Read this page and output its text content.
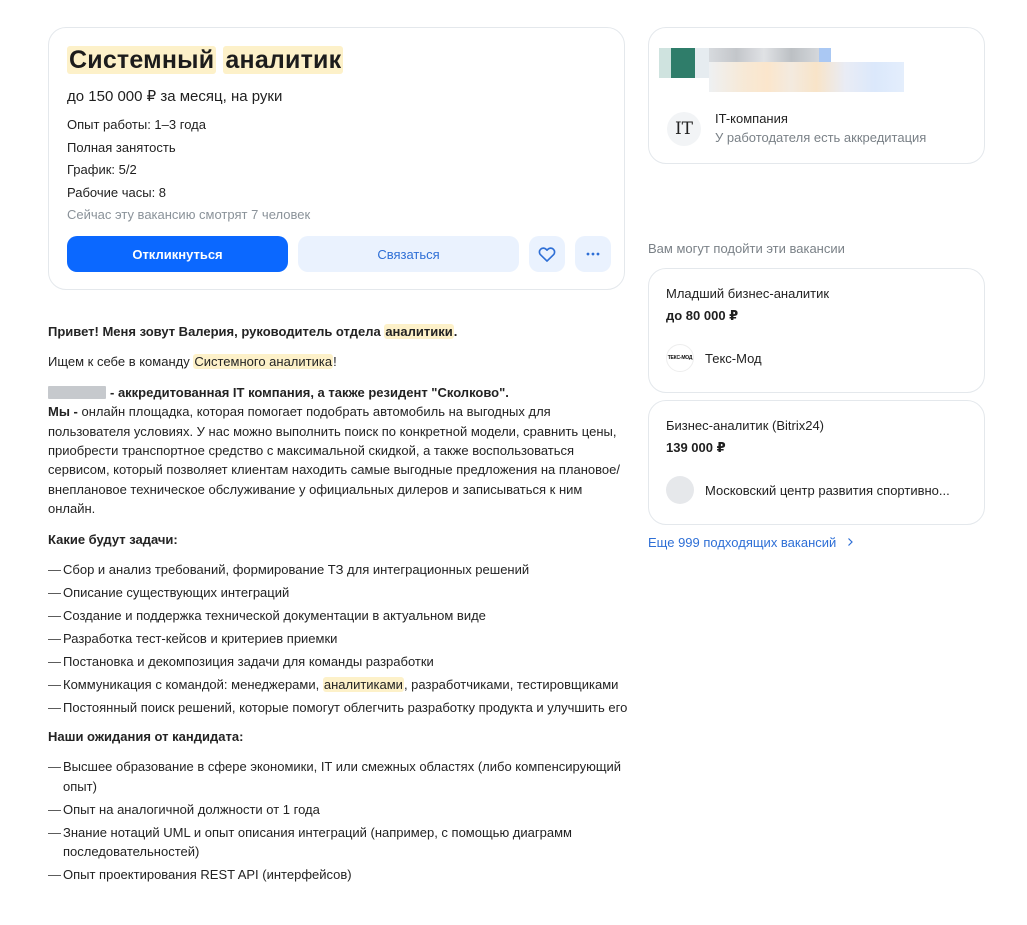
Системный аналитик
до 150 000 ₽ за месяц, на руки
Опыт работы: 1–3 года
Полная занятость
График: 5/2
Рабочие часы: 8
Сейчас эту вакансию смотрят 7 человек
Откликнуться	Связаться

Привет! Меня зовут Валерия, руководитель отдела аналитики.

Ищем к себе в команду Системного аналитика!

- аккредитованная IT компания, а также резидент "Сколково".
Мы - онлайн площадка, которая помогает подобрать автомобиль на выгодных для пользователя условиях. У нас можно выполнить поиск по конкретной модели, сравнить цены, приобрести транспортное средство с максимальной скидкой, а также воспользоваться сервисом, который позволяет клиентам находить самые выгодные предложения на плановое/внеплановое техническое обслуживание у официальных дилеров и записываться к ним онлайн.

Какие будут задачи:
— Сбор и анализ требований, формирование ТЗ для интеграционных решений
— Описание существующих интеграций
— Создание и поддержка технической документации в актуальном виде
— Разработка тест-кейсов и критериев приемки
— Постановка и декомпозиция задачи для команды разработки
— Коммуникация с командой: менеджерами, аналитиками, разработчиками, тестировщиками
— Постоянный поиск решений, которые помогут облегчить разработку продукта и улучшить его
Наши ожидания от кандидата:
— Высшее образование в сфере экономики, IT или смежных областях (либо компенсирующий опыт)
— Опыт на аналогичной должности от 1 года
— Знание нотаций UML и опыт описания интеграций (например, с помощью диаграмм последовательностей)
— Опыт проектирования REST API (интерфейсов)
IT
IT-компания
У работодателя есть аккредитация
Вам могут подойти эти вакансии
Младший бизнес-аналитик
до 80 000 ₽
ТЕКС-МОД Текс-Мод
Бизнес-аналитик (Bitrix24)
139 000 ₽
Московский центр развития спортивно...
Еще 999 подходящих вакансий
